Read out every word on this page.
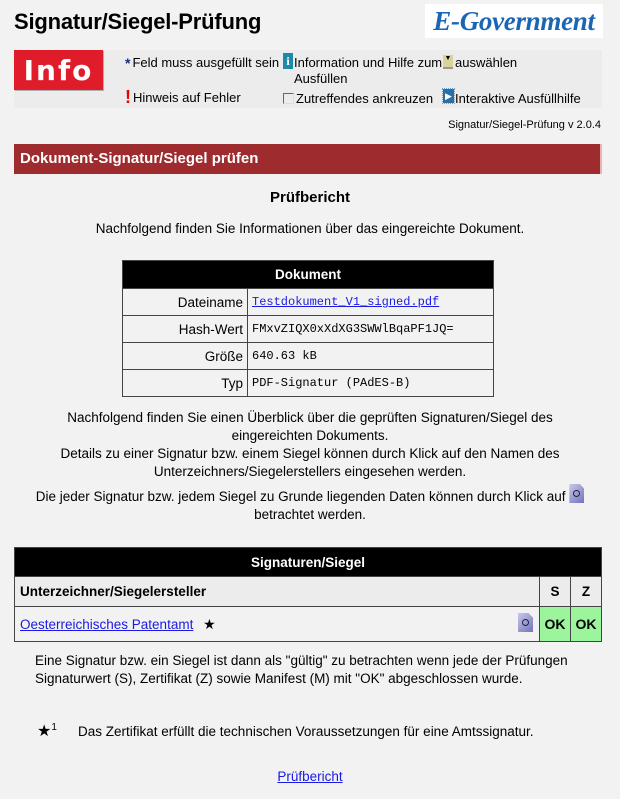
Signatur/Siegel-Prüfung	E-Government
Info	* Feld muss ausgefüllt sein i Information und Hilfe zum
Ausfüllen
▼ auswählen
! Hinweis auf Fehler	Zutreffendes ankreuzen ▶ Interaktive Ausfüllhilfe
Signatur/Siegel-Prüfung v 2.0.4
Dokument-Signatur/Siegel prüfen
Prüfbericht
Nachfolgend finden Sie Informationen über das eingereichte Dokument.
Dokument
Dateiname	Testdokument_V1_signed.pdf
Hash-Wert	FMxvZIQX0xXdXG3SWWlBqaPF1JQ=
Größe	640.63 kB
Typ	PDF-Signatur (PAdES-B)
Nachfolgend finden Sie einen Überblick über die geprüften Signaturen/Siegel des
eingereichten Dokuments.
Details zu einer Signatur bzw. einem Siegel können durch Klick auf den Namen des
Unterzeichners/Siegelerstellers eingesehen werden.
Die jeder Signatur bzw. jedem Siegel zu Grunde liegenden Daten können durch Klick auf
betrachtet werden.
Signaturen/Siegel
Unterzeichner/Siegelersteller	S	Z
Oesterreichisches Patentamt ★	OK	OK
Eine Signatur bzw. ein Siegel ist dann als "gültig" zu betrachten wenn jede der Prüfungen Signaturwert (S), Zertifikat (Z) sowie Manifest (M) mit "OK" abgeschlossen wurde.
★1 Das Zertifikat erfüllt die technischen Voraussetzungen für eine Amtssignatur.
Prüfbericht
